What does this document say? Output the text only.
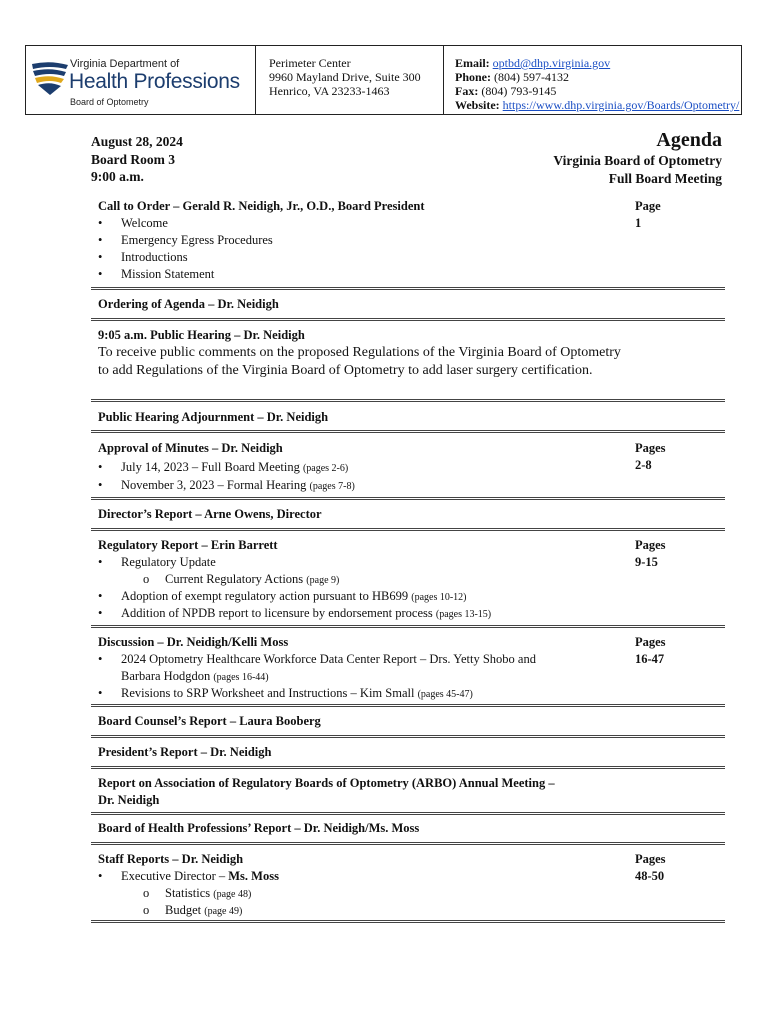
Virginia Department of
Health Professions
Board of Optometry
Perimeter Center
9960 Mayland Drive, Suite 300
Henrico, VA 23233-1463
Email: optbd@dhp.virginia.gov
Phone: (804) 597-4132
Fax: (804) 793-9145
Website: https://www.dhp.virginia.gov/Boards/Optometry/
August 28, 2024
Board Room 3
9:00 a.m.
Agenda
Virginia Board of Optometry
Full Board Meeting
Call to Order – Gerald R. Neidigh, Jr., O.D., Board President
• Welcome
• Emergency Egress Procedures
• Introductions
• Mission Statement
Page
1
Ordering of Agenda – Dr. Neidigh
9:05 a.m. Public Hearing – Dr. Neidigh
To receive public comments on the proposed Regulations of the Virginia Board of Optometry to add Regulations of the Virginia Board of Optometry to add laser surgery certification.
Public Hearing Adjournment – Dr. Neidigh
Approval of Minutes – Dr. Neidigh
• July 14, 2023 – Full Board Meeting (pages 2-6)
• November 3, 2023 – Formal Hearing (pages 7-8)
Pages
2-8
Director’s Report – Arne Owens, Director
Regulatory Report – Erin Barrett
• Regulatory Update
o Current Regulatory Actions (page 9)
• Adoption of exempt regulatory action pursuant to HB699 (pages 10-12)
• Addition of NPDB report to licensure by endorsement process (pages 13-15)
Pages
9-15
Discussion – Dr. Neidigh/Kelli Moss
• 2024 Optometry Healthcare Workforce Data Center Report – Drs. Yetty Shobo and
Barbara Hodgdon (pages 16-44)
• Revisions to SRP Worksheet and Instructions – Kim Small (pages 45-47)
Pages
16-47
Board Counsel’s Report – Laura Booberg
President’s Report – Dr. Neidigh
Report on Association of Regulatory Boards of Optometry (ARBO) Annual Meeting –
Dr. Neidigh
Board of Health Professions’ Report – Dr. Neidigh/Ms. Moss
Staff Reports – Dr. Neidigh
• Executive Director – Ms. Moss
o Statistics (page 48)
o Budget (page 49)
Pages
48-50
